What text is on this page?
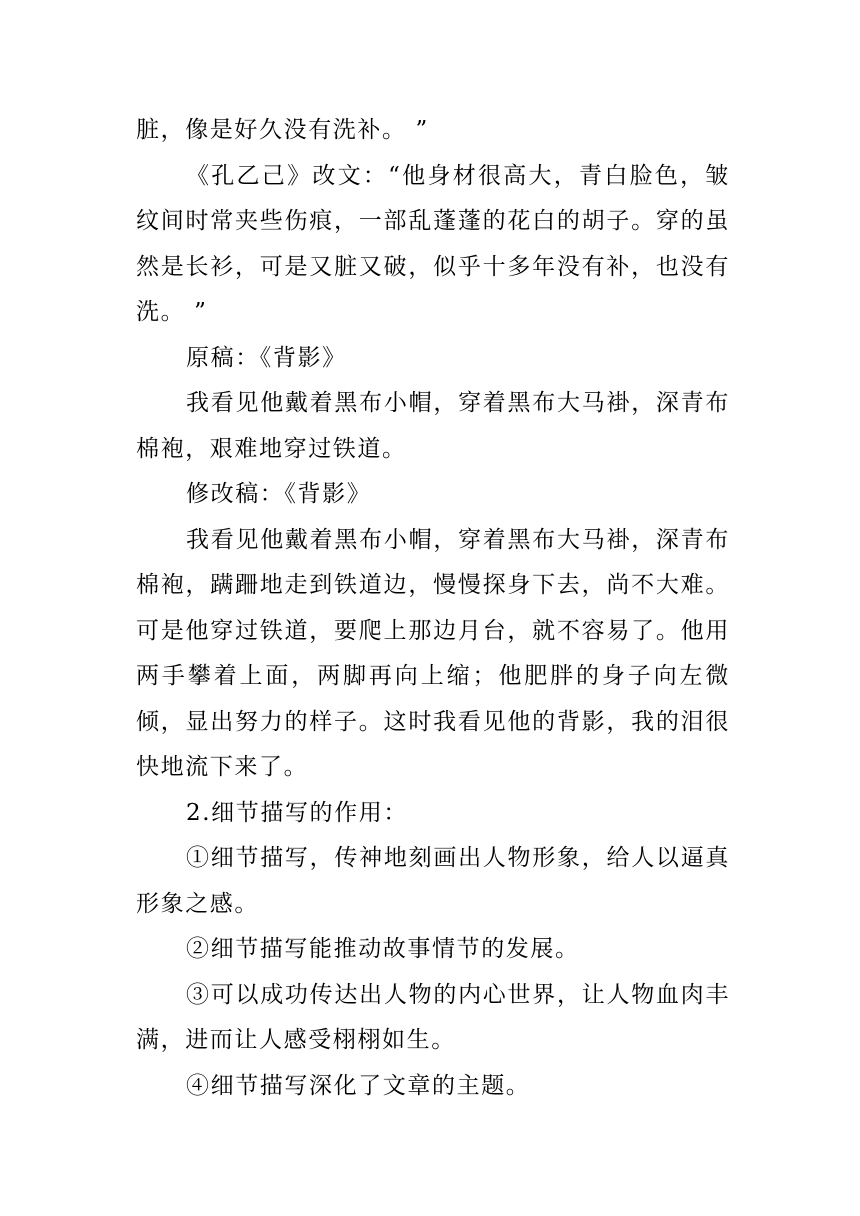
脏，像是好久没有洗补。 ”

《孔乙己》改文：“他身材很高大，青白脸色，皱纹间时常夹些伤痕，一部乱蓬蓬的花白的胡子。穿的虽然是长衫，可是又脏又破，似乎十多年没有补，也没有洗。 ”

原稿：《背影》

我看见他戴着黑布小帽，穿着黑布大马褂，深青布棉袍，艰难地穿过铁道。

修改稿：《背影》

我看见他戴着黑布小帽，穿着黑布大马褂，深青布棉袍，蹒跚地走到铁道边，慢慢探身下去，尚不大难。可是他穿过铁道，要爬上那边月台，就不容易了。他用两手攀着上面，两脚再向上缩；他肥胖的身子向左微倾，显出努力的样子。这时我看见他的背影，我的泪很快地流下来了。

2.细节描写的作用：

①细节描写，传神地刻画出人物形象，给人以逼真形象之感。

②细节描写能推动故事情节的发展。

③可以成功传达出人物的内心世界，让人物血肉丰满，进而让人感受栩栩如生。

④细节描写深化了文章的主题。
